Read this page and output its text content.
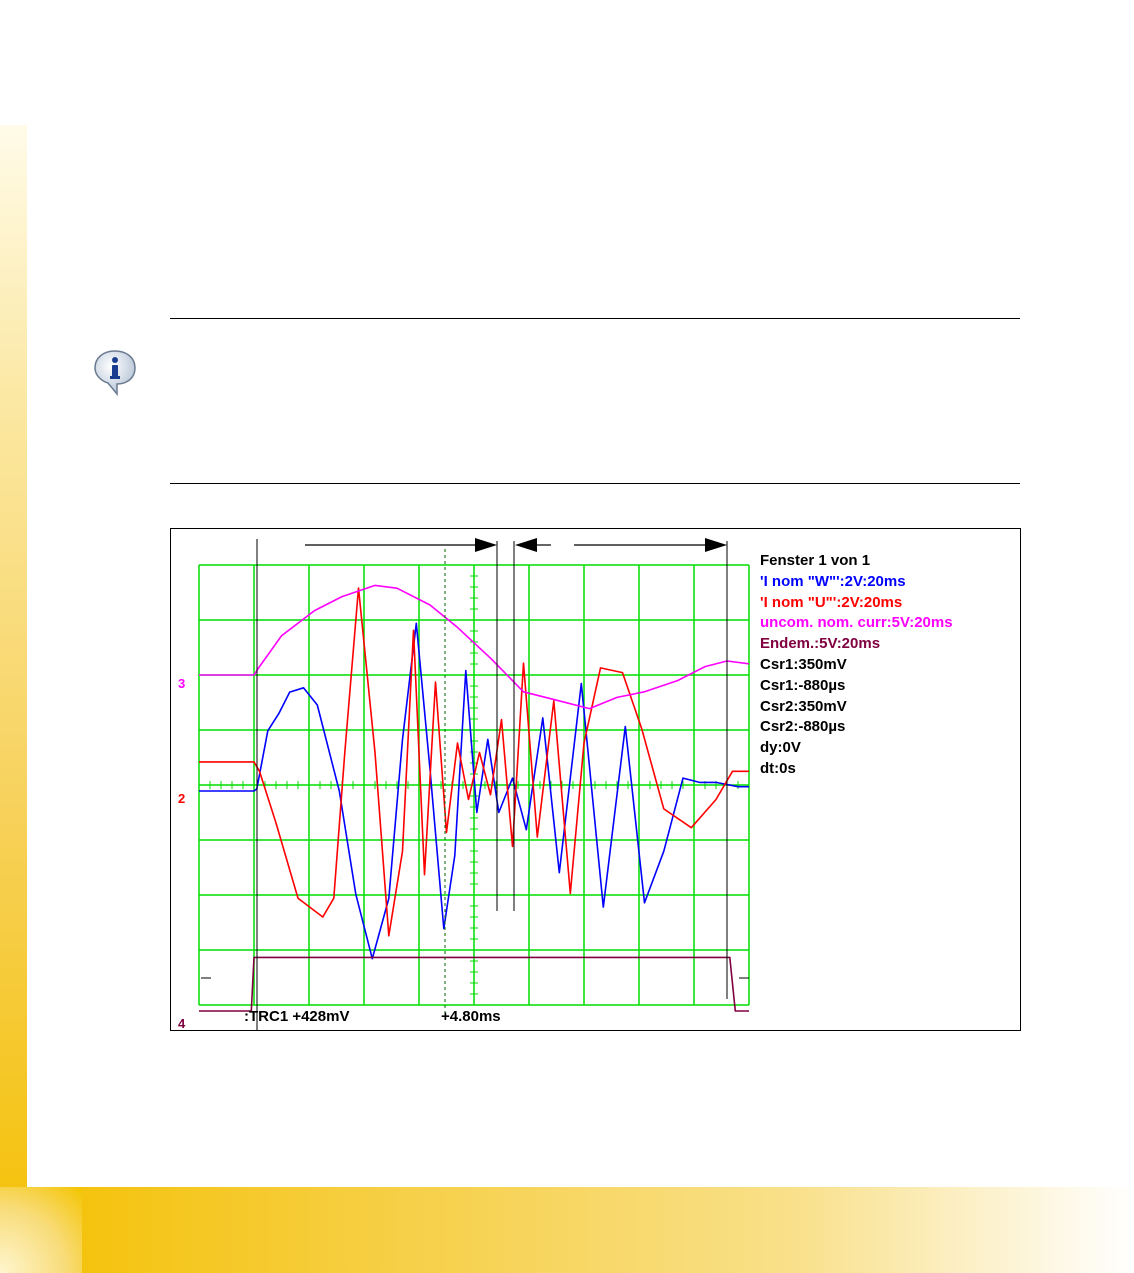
Fenster 1 von 1
'I nom "W"':2V:20ms
'I nom "U"':2V:20ms
uncom. nom. curr:5V:20ms
Endem.:5V:20ms
Csr1:350mV
Csr1:-880µs
Csr2:350mV
Csr2:-880µs
dy:0V
dt:0s
3
2
4	:TRC1 +428mV	+4.80ms
